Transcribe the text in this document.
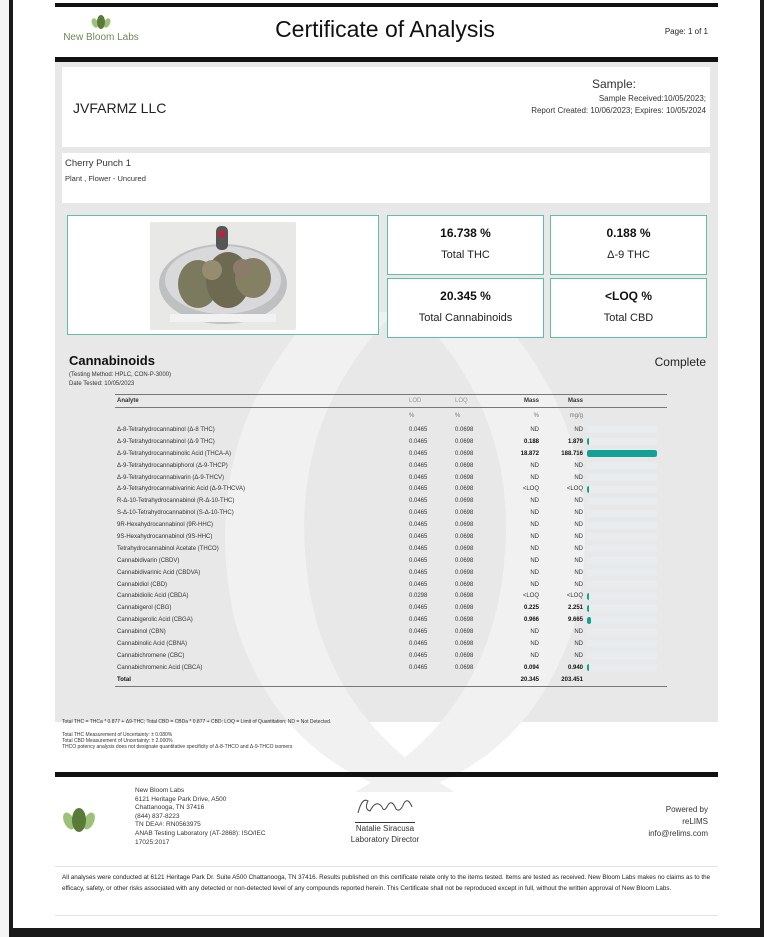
New Bloom Labs	Certificate of Analysis	Page: 1 of 1
JVFARMZ LLC
Sample:
Sample Received:10/05/2023;
Report Created: 10/06/2023; Expires: 10/05/2024
Cherry Punch 1
Plant , Flower - Uncured
16.738 %
Total THC
0.188 %
Δ-9 THC
20.345 %
Total Cannabinoids
<LOQ %
Total CBD
Cannabinoids	Complete
(Testing Method: HPLC, CON-P-3000)
Date Tested: 10/05/2023
Analyte	LOD	LOQ	Mass	Mass	
	%	%	%	mg/g	
Δ-8-Tetrahydrocannabinol (Δ-8 THC)	0.0465	0.0698	ND	ND	

Δ-9-Tetrahydrocannabinol (Δ-9 THC)	0.0465	0.0698	0.188	1.879	

Δ-9-Tetrahydrocannabinolic Acid (THCA-A)	0.0465	0.0698	18.872	188.716	

Δ-9-Tetrahydrocannabiphorol (Δ-9-THCP)	0.0465	0.0698	ND	ND	

Δ-9-Tetrahydrocannabivarin (Δ-9-THCV)	0.0465	0.0698	ND	ND	

Δ-9-Tetrahydrocannabivarinic Acid (Δ-9-THCVA)	0.0465	0.0698	<LOQ	<LOQ	

R-Δ-10-Tetrahydrocannabinol (R-Δ-10-THC)	0.0465	0.0698	ND	ND	

S-Δ-10-Tetrahydrocannabinol (S-Δ-10-THC)	0.0465	0.0698	ND	ND	

9R-Hexahydrocannabinol (9R-HHC)	0.0465	0.0698	ND	ND	

9S-Hexahydrocannabinol (9S-HHC)	0.0465	0.0698	ND	ND	

Tetrahydrocannabinol Acetate (THCO)	0.0465	0.0698	ND	ND	

Cannabidivarin (CBDV)	0.0465	0.0698	ND	ND	

Cannabidivarinic Acid (CBDVA)	0.0465	0.0698	ND	ND	

Cannabidiol (CBD)	0.0465	0.0698	ND	ND	

Cannabidiolic Acid (CBDA)	0.0298	0.0698	<LOQ	<LOQ	

Cannabigerol (CBG)	0.0465	0.0698	0.225	2.251	

Cannabigerolic Acid (CBGA)	0.0465	0.0698	0.966	9.665	

Cannabinol (CBN)	0.0465	0.0698	ND	ND	

Cannabinolic Acid (CBNA)	0.0465	0.0698	ND	ND	

Cannabichromene (CBC)	0.0465	0.0698	ND	ND	

Cannabichromenic Acid (CBCA)	0.0465	0.0698	0.094	0.940	

Total			20.345	203.451	
Total THC = THCa * 0.877 + Δ9-THC; Total CBD = CBDa * 0.877 + CBD; LOQ = Limit of Quantitation; ND = Not Detected.
Total THC Measurement of Uncertainty: ± 0.080%
Total CBD Measurement of Uncertainty: ± 2.000%
THCO potency analysis does not designate quantitative specificity of Δ-8-THCO and Δ-9-THCO isomers
New Bloom Labs
6121 Heritage Park Drive, A500
Chattanooga, TN 37416
(844) 837-8223
TN DEA#: RN0563975
ANAB Testing Laboratory (AT-2868): ISO/IEC
17025:2017
Natalie Siracusa
Laboratory Director
Powered by
reLIMS
info@relims.com
All analyses were conducted at 6121 Heritage Park Dr. Suite A500 Chattanooga, TN 37416. Results published on this certificate relate only to the items tested. Items are tested as received. New Bloom Labs makes no claims as to the efficacy, safety, or other risks associated with any detected or non-detected level of any compounds reported herein. This Certificate shall not be reproduced except in full, without the written approval of New Bloom Labs.
